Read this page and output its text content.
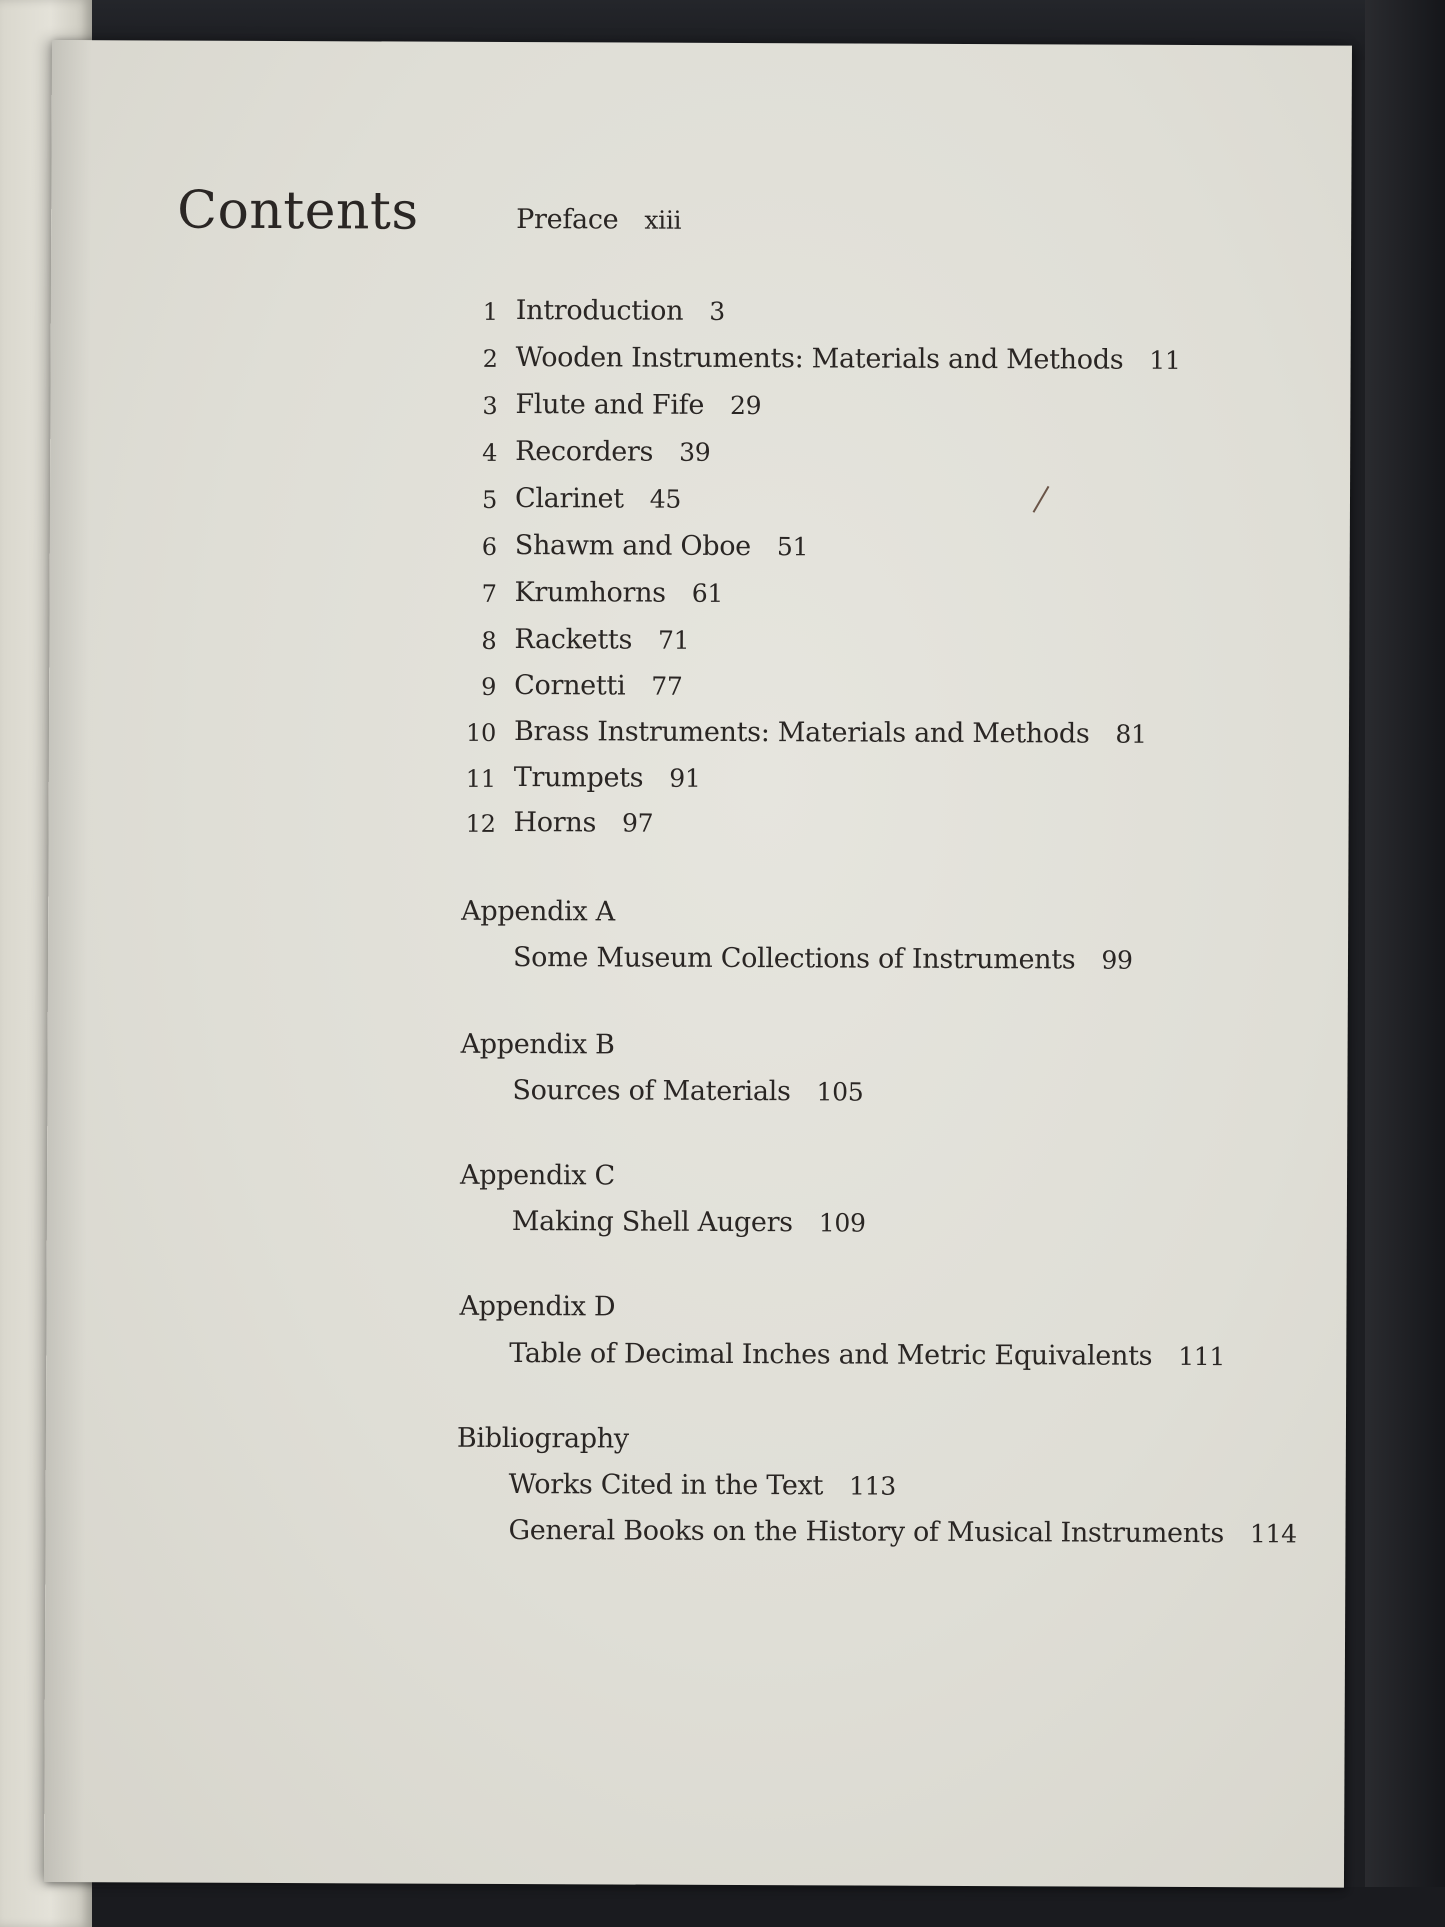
Contents	Preface xiii
1 Introduction 3
2 Wooden Instruments: Materials and Methods 11
3 Flute and Fife 29
4 Recorders 39
5 Clarinet 45
6 Shawm and Oboe 51
7 Krumhorns 61
8 Racketts 71
9 Cornetti 77
10 Brass Instruments: Materials and Methods 81
11 Trumpets 91
12 Horns 97
Appendix A
Some Museum Collections of Instruments 99
Appendix B
Sources of Materials 105
Appendix C
Making Shell Augers 109
Appendix D
Table of Decimal Inches and Metric Equivalents 111
Bibliography
Works Cited in the Text 113
General Books on the History of Musical Instruments 114
